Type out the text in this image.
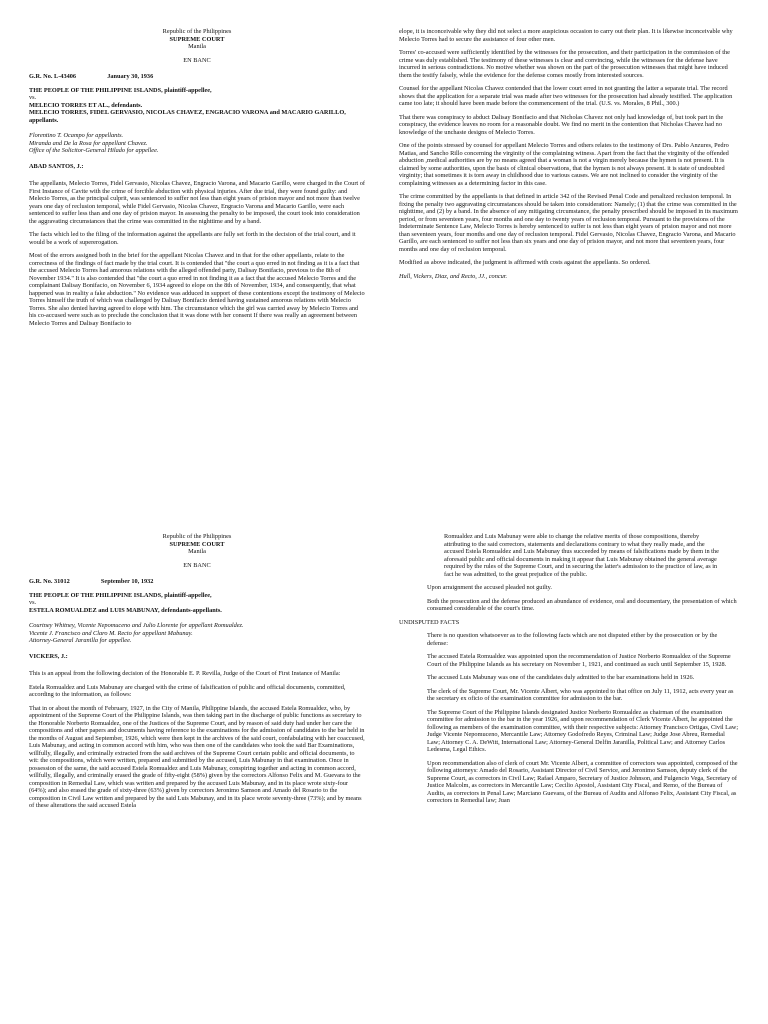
Republic of the Philippines
SUPREME COURT
Manila
EN BANC

G.R. No. L-43406	January 30, 1936

THE PEOPLE OF THE PHILIPPINE ISLANDS, plaintiff-appellee,
vs.
MELECIO TORRES ET AL., defendants.
MELECIO TORRES, FIDEL GERVASIO, NICOLAS CHAVEZ, ENGRACIO VARONA and MACARIO GARILLO, appellants.
Florentino T. Ocampo for appellants.
Miranda and De la Rosa for appellant Chavez.
Office of the Solicitor-General Hilado for appellee.

ABAD SANTOS, J.:

The appellants, Melecio Torres, Fidel Gervasio, Nicolas Chavez, Engracio Varona, and Macario Garillo, were charged in the Court of First Instance of Cavite with the crime of forcible abduction with physical injuries. After due trial, they were found guilty: and Melecio Torres, as the principal culprit, was sentenced to suffer not less than eight years of prision mayor and not more than twelve years one day of reclusion temporal, while Fidel Gervasio, Nicolas Chavez, Engracio Varona and Macario Garillo, were each sentenced to suffer less than and one day of prision mayor. In assessing the penalty to be imposed, the court took into consideration the aggravating circumstances that the crime was committed in the nighttime and by a band.

The facts which led to the filing of the information against the appellants are fully set forth in the decision of the trial court, and it would be a work of supererogation.

Most of the errors assigned both in the brief for the appellant Nicolas Chavez and in that for the other appellants, relate to the correctness of the findings of fact made by the trial court. It is contended that "the court a quo erred in not finding as it is a fact that the accused Melecio Torres had amorous relations with the alleged offended party, Dalisay Bonifacio, previous to the 8th of November 1934." It is also contended that "the court a quo erred in not finding it as a fact that the accused Melecio Torres and the complainant Dalisay Bonifacio, on November 6, 1934 agreed to elope on the 8th of November, 1934, and consequently, that what happened was in reality a fake abduction." No evidence was adduced in support of these contentions except the testimony of Melecio Torres himself the truth of which was challenged by Dalisay Bonifacio denied having sustained amorous relations with Melecio Torres. She also denied having agreed to elope with him. The circumstance which the girl was carried away by Melecio Torres and his co-accused were such as to preclude the conclusion that it was done with her consent If there was really an agreement between Melecio Torres and Dalisay Bonifacio to

elope, it is inconceivable why they did not select a more auspicious occasion to carry out their plan. It is likewise inconceivable why Melecio Torres had to secure the assistance of four other men.

Torres' co-accused were sufficiently identified by the witnesses for the prosecution, and their participation in the commission of the crime was duly established. The testimony of these witnesses is clear and convincing, while the witnesses for the defense have incurred in serious contradictions. No motive whether was shown on the part of the prosecution witnesses that might have induced them the testify falsely, while the evidence for the defense comes mostly from interested sources.

Counsel for the appellant Nicolas Chavez contended that the lower court erred in not granting the latter a separate trial. The record shows that the application for a separate trial was made after two witnesses for the prosecution had already testified. The application came too late; it should have been made before the commencement of the trial. (U.S. vs. Morales, 8 Phil., 300.)

That there was conspiracy to abduct Dalisay Bonifacio and that Nicholas Chavez not only had knowledge of, but took part in the conspiracy, the evidence leaves no room for a reasonable doubt. We find no merit in the contention that Nicholas Chavez had no knowledge of the unchaste designs of Melecio Torres.

One of the points stressed by counsel for appellant Melecio Torres and others relates to the testimony of Drs. Pablo Anzures, Pedro Matias, and Sancho Rillo concerning the virginity of the complaining witness. Apart from the fact that the virginity of the offended abduction ,medical authorities are by no means agreed that a woman is not a virgin merely because the hymen is not present. It is claimed by some authorities, upon the basis of clinical observations, that the hymen is not always present. it is state of undoubted virginity; that sometimes it is torn away in childhood due to various causes. We are not inclined to consider the virginity of the complaining witnesses as a determining factor in this case.

The crime committed by the appellants is that defined in article 342 of the Revised Penal Code and penalized reclusion temporal. In fixing the penalty two aggravating circumstances should be taken into consideration: Namely; (1) that the crime was committed in the nighttime, and (2) by a band. In the absence of any mitigating circumstance, the penalty prescribed should be imposed in its maximum period, or from seventeen years, four months and one day to twenty years of reclusion temporal. Pursuant to the provisions of the Indeterminate Sentence Law, Melecio Torres is hereby sentenced to suffer is not less than eight years of prision mayor and not more than seventeen years, four months and one day of reclusion temporal. Fidel Gervasio, Nicolas Chavez, Engracio Varona, and Macario Garillo, are each sentenced to suffer not less than six years and one day of prision mayor, and not more that seventeen years, four months and one day of reclusion temporal.

Modified as above indicated, the judgment is affirmed with costs against the appellants. So ordered.

Hull, Vickers, Diaz, and Recto, JJ., concur.

Republic of the Philippines
SUPREME COURT
Manila
EN BANC

G.R. No. 31012	September 10, 1932

THE PEOPLE OF THE PHILIPPINE ISLANDS, plaintiff-appellee,
vs.
ESTELA ROMUALDEZ and LUIS MABUNAY, defendants-appellants.
Courtney Whitney, Vicente Nepomuceno and Julio Llorente for appellant Romualdez.
Vicente J. Francisco and Claro M. Recto for appellant Mabunay.
Attorney-General Jaranilla for appellee.

VICKERS, J.:

This is an appeal from the following decision of the Honorable E. P. Revilla, Judge of the Court of First Instance of Manila:

Estela Romualdez and Luis Mabunay are charged with the crime of falsification of public and official documents, committed, according to the information, as follows:

That in or about the month of February, 1927, in the City of Manila, Philippine Islands, the accused Estela Romualdez, who, by appointment of the Supreme Court of the Philippine Islands, was then taking part in the discharge of public functions as secretary to the Honorable Norberto Romualdez, one of the Justices of the Supreme Court, and by reason of said duty had under her care the compositions and other papers and documents having reference to the examinations for the admission of candidates to the bar held in the months of August and September, 1926, which were then kept in the archives of the said court, confabulating with her coaccused, Luis Mabunay, and acting in common accord with him, who was then one of the candidates who took the said Bar Examinations, willfully, illegally, and criminally extracted from the said archives of the Supreme Court certain public and official documents, to wit: the compositions, which were written, prepared and submitted by the accused, Luis Mabunay in that examination. Once in possession of the same, the said accused Estela Romualdez and Luis Mabunay, conspiring together and acting in common accord, willfully, illegally, and criminally erased the grade of fifty-eight (58%) given by the correctors Alfonso Felix and M. Guevara to the composition in Remedial Law, which was written and prepared by the accused Luis Mabunay, and in its place wrote sixty-four (64%); and also erased the grade of sixty-three (63%) given by correctors Jeronimo Samson and Amado del Rosario to the composition in Civil Law written and prepared by the said Luis Mabunay, and in its place wrote seventy-three (73%); and by means of these alterations the said accused Estela

Romualdez and Luis Mabunay were able to change the relative merits of those compositions, thereby attributing to the said correctors, statements and declarations contrary to what they really made, and the accused Estela Romualdez and Luis Mabunay thus succeeded by means of falsifications made by them in the aforesaid public and official documents in making it appear that Luis Mabunay obtained the general average required by the rules of the Supreme Court, and in securing the latter's admission to the practice of law, as in fact he was admitted, to the great prejudice of the public.

Upon arraignment the accused pleaded not guilty.

Both the prosecution and the defense produced an abundance of evidence, oral and documentary, the presentation of which consumed considerable of the court's time.

UNDISPUTED FACTS

There is no question whatsoever as to the following facts which are not disputed either by the prosecution or by the defense:

The accused Estela Romualdez was appointed upon the recommendation of Justice Norberto Romualdez of the Supreme Court of the Philippine Islands as his secretary on November 1, 1921, and continued as such until September 15, 1928.

The accused Luis Mabunay was one of the candidates duly admitted to the bar examinations held in 1926.

The clerk of the Supreme Court, Mr. Vicente Albert, who was appointed to that office on July 11, 1912, acts every year as the secretary ex oficio of the examination committee for admission to the bar.

The Supreme Court of the Philippine Islands designated Justice Norberto Romualdez as chairman of the examination committee for admission to the bar in the year 1926, and upon recommendation of Clerk Vicente Albert, he appointed the following as members of the examination committee, with their respective subjects: Attorney Francisco Ortigas, Civil Law; Judge Vicente Nepomuceno, Mercantile Law; Attorney Godofredo Reyes, Criminal Law; Judge Jose Abreu, Remedial Law; Attorney C. A. DeWitt, International Law; Attorney-General Delfin Jaranilla, Political Law; and Attorney Carlos Ledesma, Legal Ethics.

Upon recommendation also of clerk of court Mr. Vicente Albert, a committee of correctors was appointed, composed of the following attorneys: Amado del Rosario, Assistant Director of Civil Service, and Jeronimo Samson, deputy clerk of the Supreme Court, as correctors in Civil Law; Rafael Amparo, Secretary of Justice Johnson, and Fulgencio Vega, Secretary of Justice Malcolm, as correctors in Mercantile Law; Cecilio Apostol, Assistant City Fiscal, and Remo, of the Bureau of Audits, as correctors in Penal Law; Marciano Guevara, of the Bureau of Audits and Alfonso Felix, Assistant City Fiscal, as correctors in Remedial law; Juan
